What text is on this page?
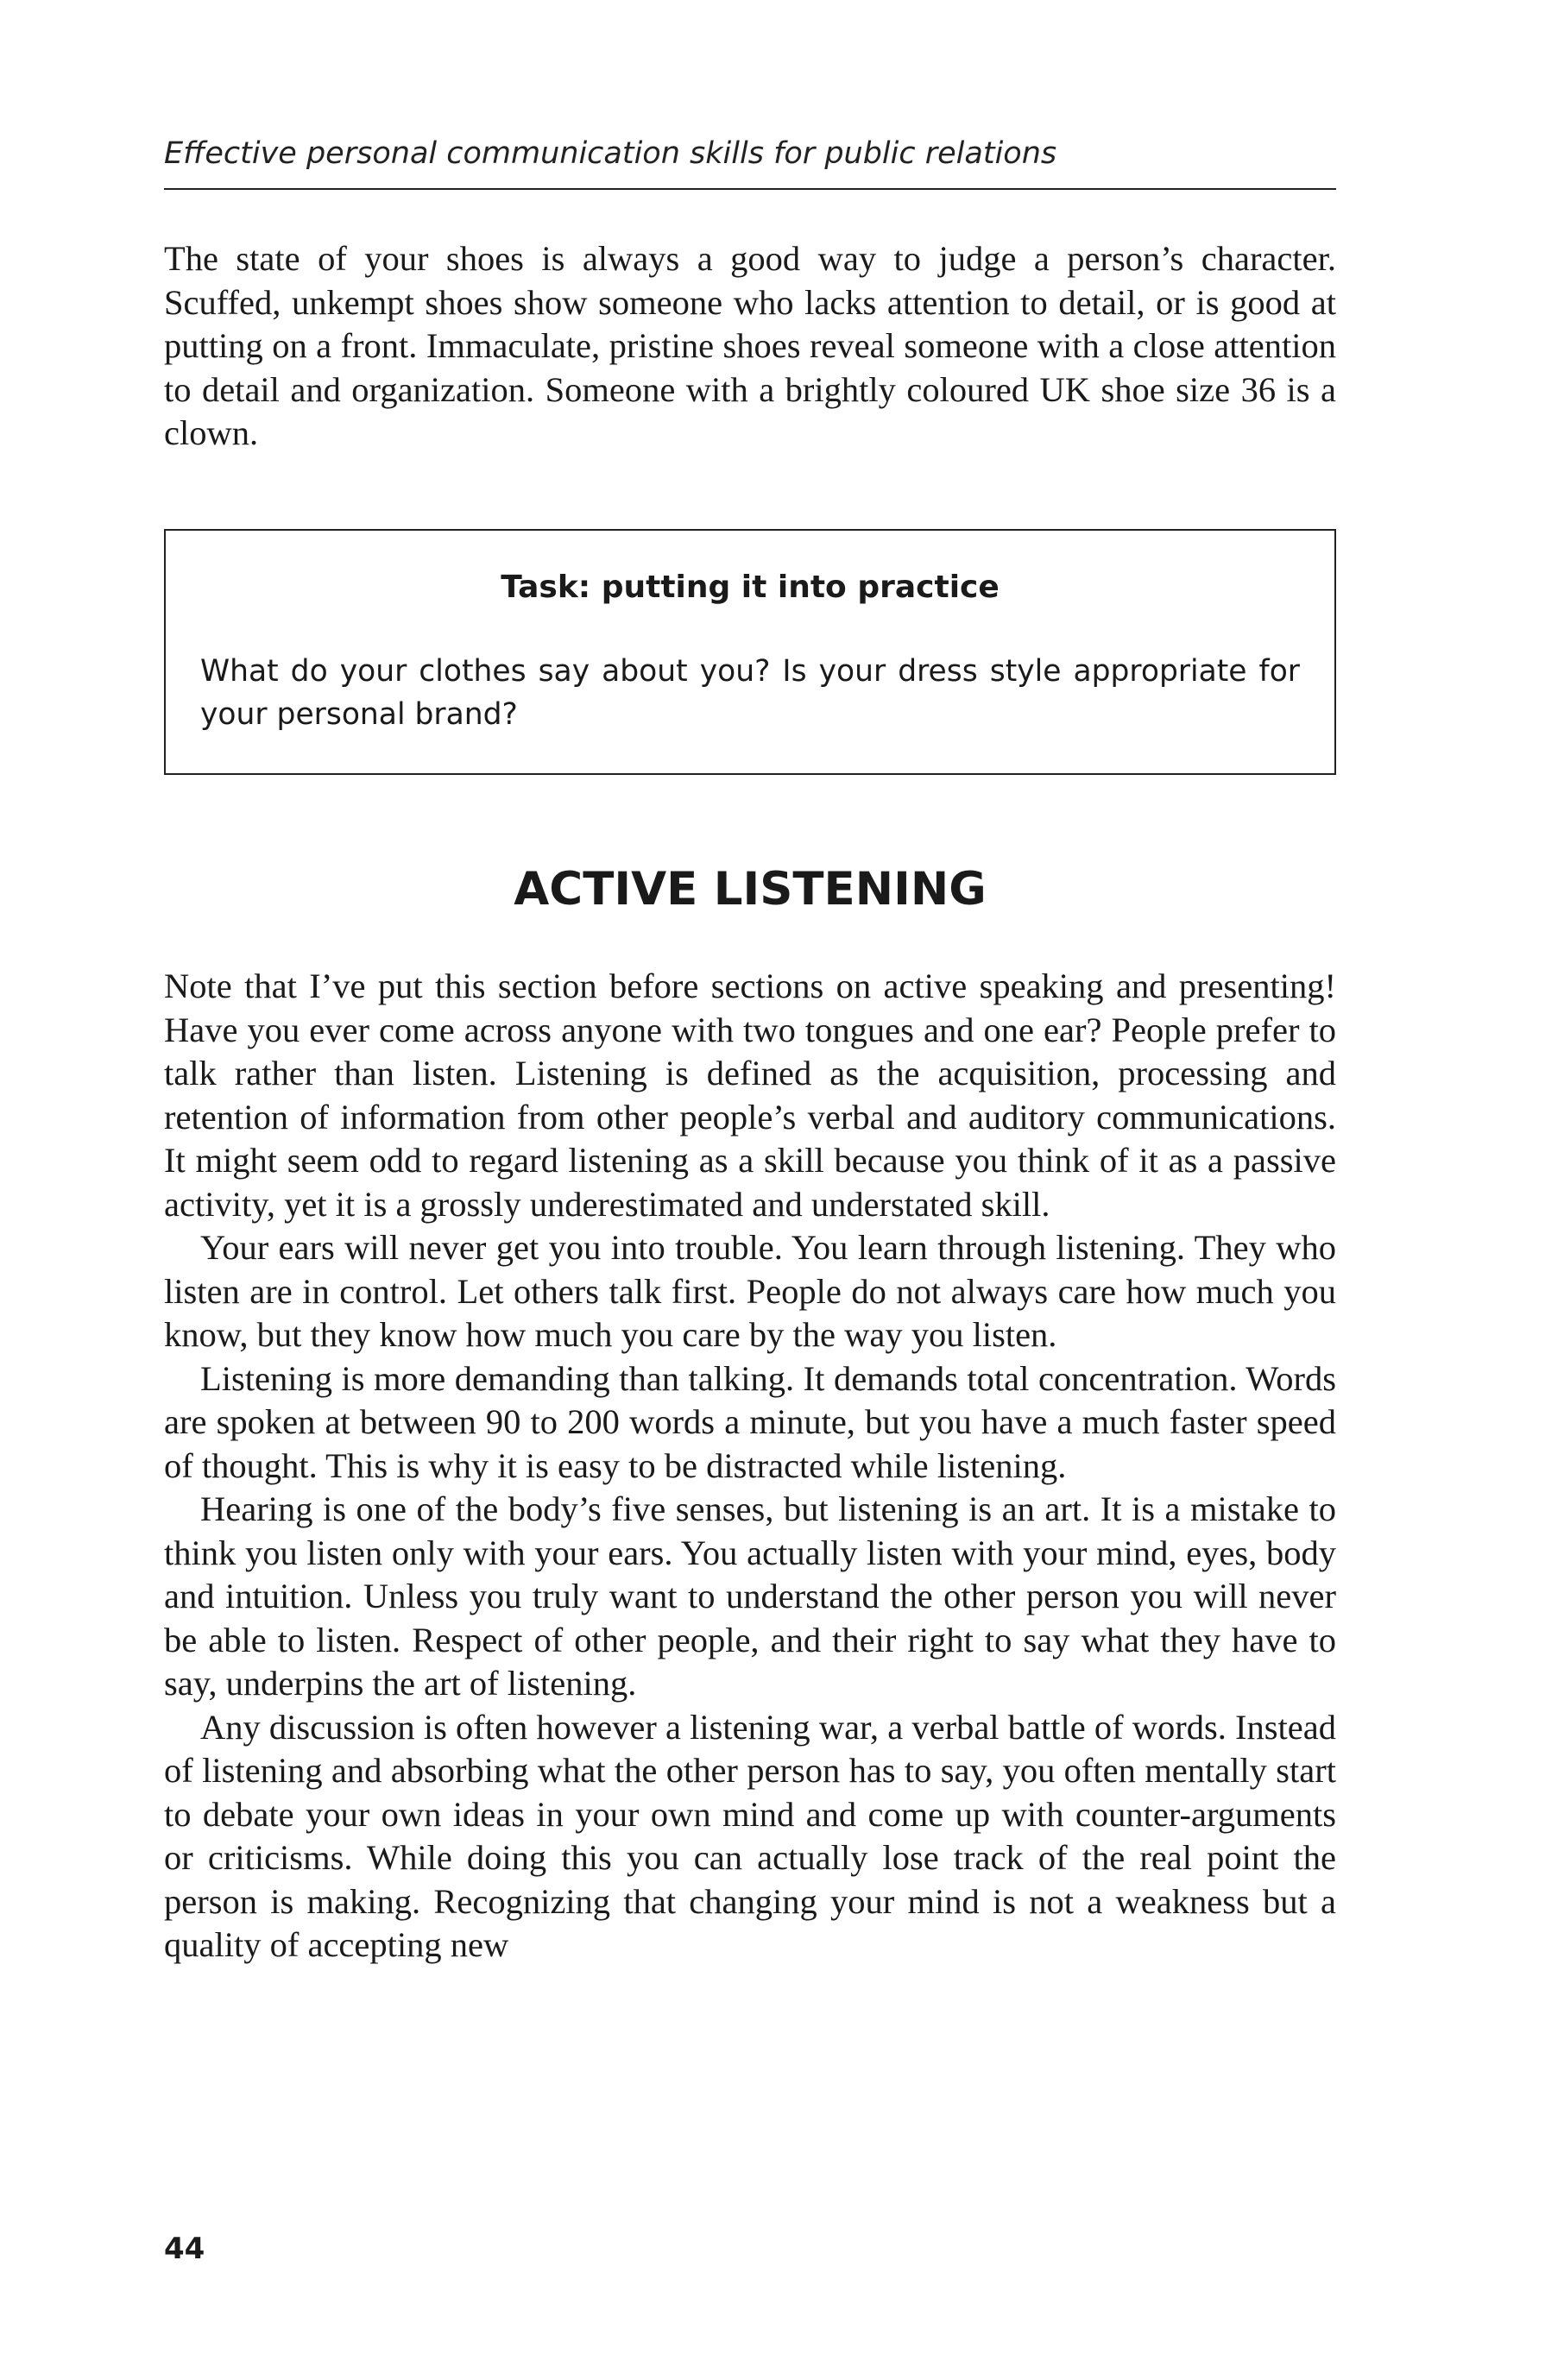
Effective personal communication skills for public relations

The state of your shoes is always a good way to judge a person’s character. Scuffed, unkempt shoes show someone who lacks attention to detail, or is good at putting on a front. Immaculate, pristine shoes reveal someone with a close attention to detail and organization. Someone with a brightly coloured UK shoe size 36 is a clown.

Task: putting it into practice

What do your clothes say about you? Is your dress style appropriate for your personal brand?

ACTIVE LISTENING

Note that I’ve put this section before sections on active speaking and presenting! Have you ever come across anyone with two tongues and one ear? People prefer to talk rather than listen. Listening is defined as the acquisition, processing and retention of information from other people’s verbal and auditory communications. It might seem odd to regard listening as a skill because you think of it as a passive activity, yet it is a grossly underestimated and understated skill.

Your ears will never get you into trouble. You learn through listening. They who listen are in control. Let others talk first. People do not always care how much you know, but they know how much you care by the way you listen.

Listening is more demanding than talking. It demands total concentration. Words are spoken at between 90 to 200 words a minute, but you have a much faster speed of thought. This is why it is easy to be distracted while listening.

Hearing is one of the body’s five senses, but listening is an art. It is a mistake to think you listen only with your ears. You actually listen with your mind, eyes, body and intuition. Unless you truly want to understand the other person you will never be able to listen. Respect of other people, and their right to say what they have to say, underpins the art of listening.

Any discussion is often however a listening war, a verbal battle of words. Instead of listening and absorbing what the other person has to say, you often mentally start to debate your own ideas in your own mind and come up with counter-arguments or criticisms. While doing this you can actually lose track of the real point the person is making. Recognizing that changing your mind is not a weakness but a quality of accepting new

44
